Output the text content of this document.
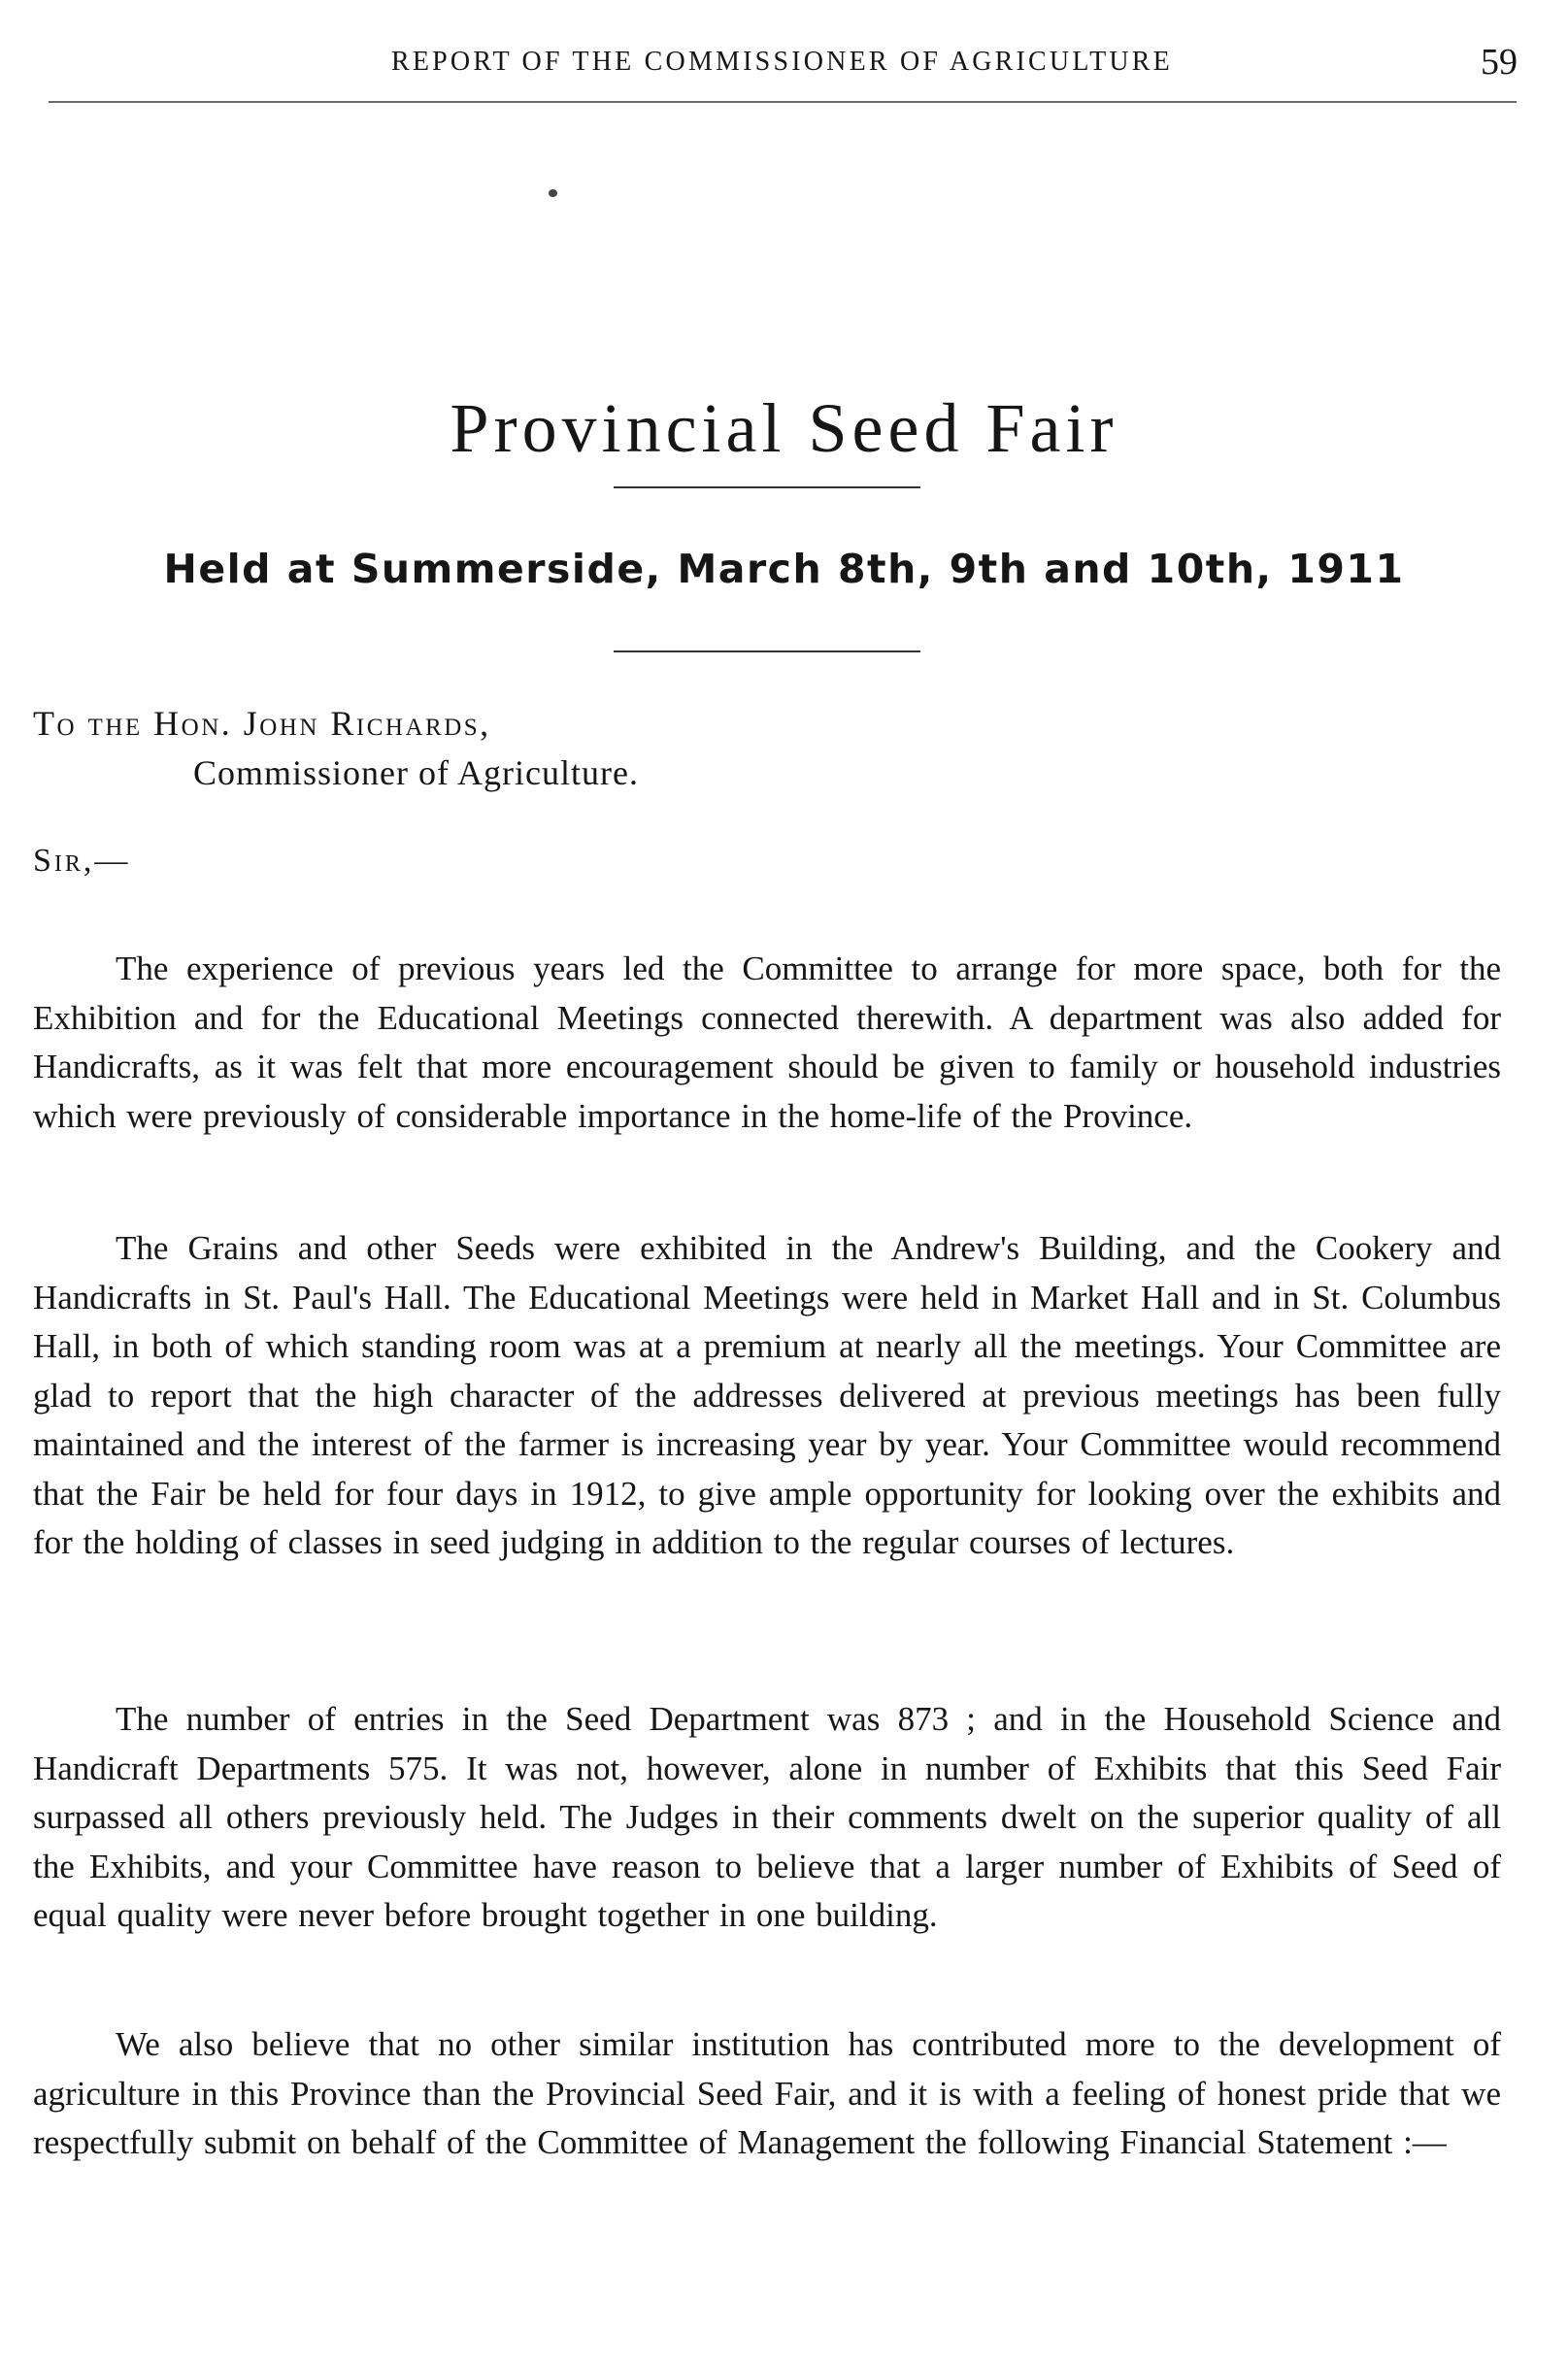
REPORT OF THE COMMISSIONER OF AGRICULTURE	59
Provincial Seed Fair
Held at Summerside, March 8th, 9th and 10th, 1911
To the Hon. John Richards,
Commissioner of Agriculture.
Sir,—

The experience of previous years led the Committee to arrange for more space, both for the Exhibition and for the Educational Meetings connected therewith. A department was also added for Handicrafts, as it was felt that more encouragement should be given to family or household industries which were previously of considerable importance in the home-life of the Province.

The Grains and other Seeds were exhibited in the Andrew's Building, and the Cookery and Handicrafts in St. Paul's Hall. The Educational Meetings were held in Market Hall and in St. Columbus Hall, in both of which standing room was at a premium at nearly all the meetings. Your Committee are glad to report that the high character of the addresses delivered at previous meetings has been fully maintained and the interest of the farmer is increasing year by year. Your Committee would recommend that the Fair be held for four days in 1912, to give ample opportunity for looking over the exhibits and for the holding of classes in seed judging in addition to the regular courses of lectures.

The number of entries in the Seed Department was 873 ; and in the Household Science and Handicraft Departments 575. It was not, however, alone in number of Exhibits that this Seed Fair surpassed all others previously held. The Judges in their comments dwelt on the superior quality of all the Exhibits, and your Committee have reason to believe that a larger number of Exhibits of Seed of equal quality were never before brought together in one building.

We also believe that no other similar institution has contributed more to the development of agriculture in this Province than the Provincial Seed Fair, and it is with a feeling of honest pride that we respectfully submit on behalf of the Committee of Management the following Financial Statement :—
